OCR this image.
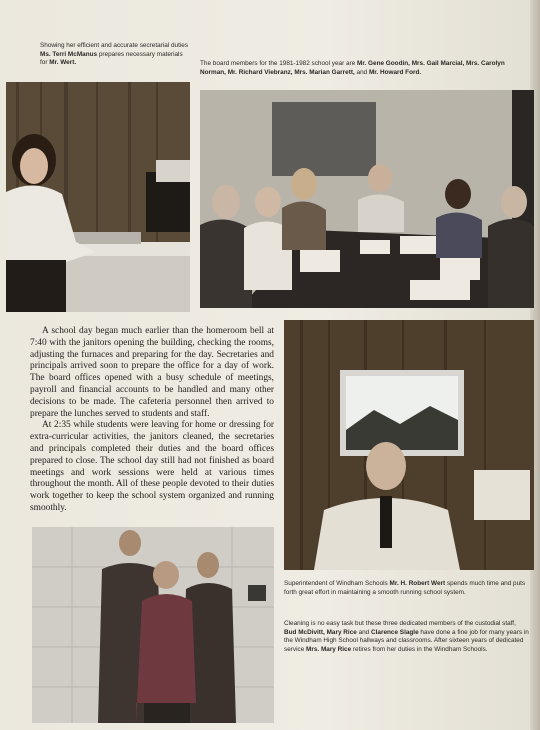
Showing her efficient and accurate secretarial duties Ms. Terri McManus prepares necessary materials for Mr. Wert.	The board members for the 1981-1982 school year are Mr. Gene Goodin, Mrs. Gail Marcial, Mrs. Carolyn Norman, Mr. Richard Viebranz, Mrs. Marian Garrett, and Mr. Howard Ford.

A school day began much earlier than the homeroom bell at 7:40 with the janitors opening the building, checking the rooms, adjusting the furnaces and preparing for the day. Secretaries and principals arrived soon to prepare the office for a day of work. The board offices opened with a busy schedule of meetings, payroll and financial accounts to be handled and many other decisions to be made. The cafeteria personnel then arrived to prepare the lunches served to students and staff.

At 2:35 while students were leaving for home or dressing for extra-curricular activities, the janitors cleaned, the secretaries and principals completed their duties and the board offices prepared to close. The school day still had not finished as board meetings and work sessions were held at various times throughout the month. All of these people devoted to their duties work together to keep the school system organized and running smoothly.

Superintendent of Windham Schools Mr. H. Robert Wert spends much time and puts forth great effort in maintaining a smooth running school system.
Cleaning is no easy task but these three dedicated members of the custodial staff, Bud McDivitt, Mary Rice and Clarence Slagle have done a fine job for many years in the Windham High School hallways and classrooms. After sixteen years of dedicated service Mrs. Mary Rice retires from her duties in the Windham Schools.
